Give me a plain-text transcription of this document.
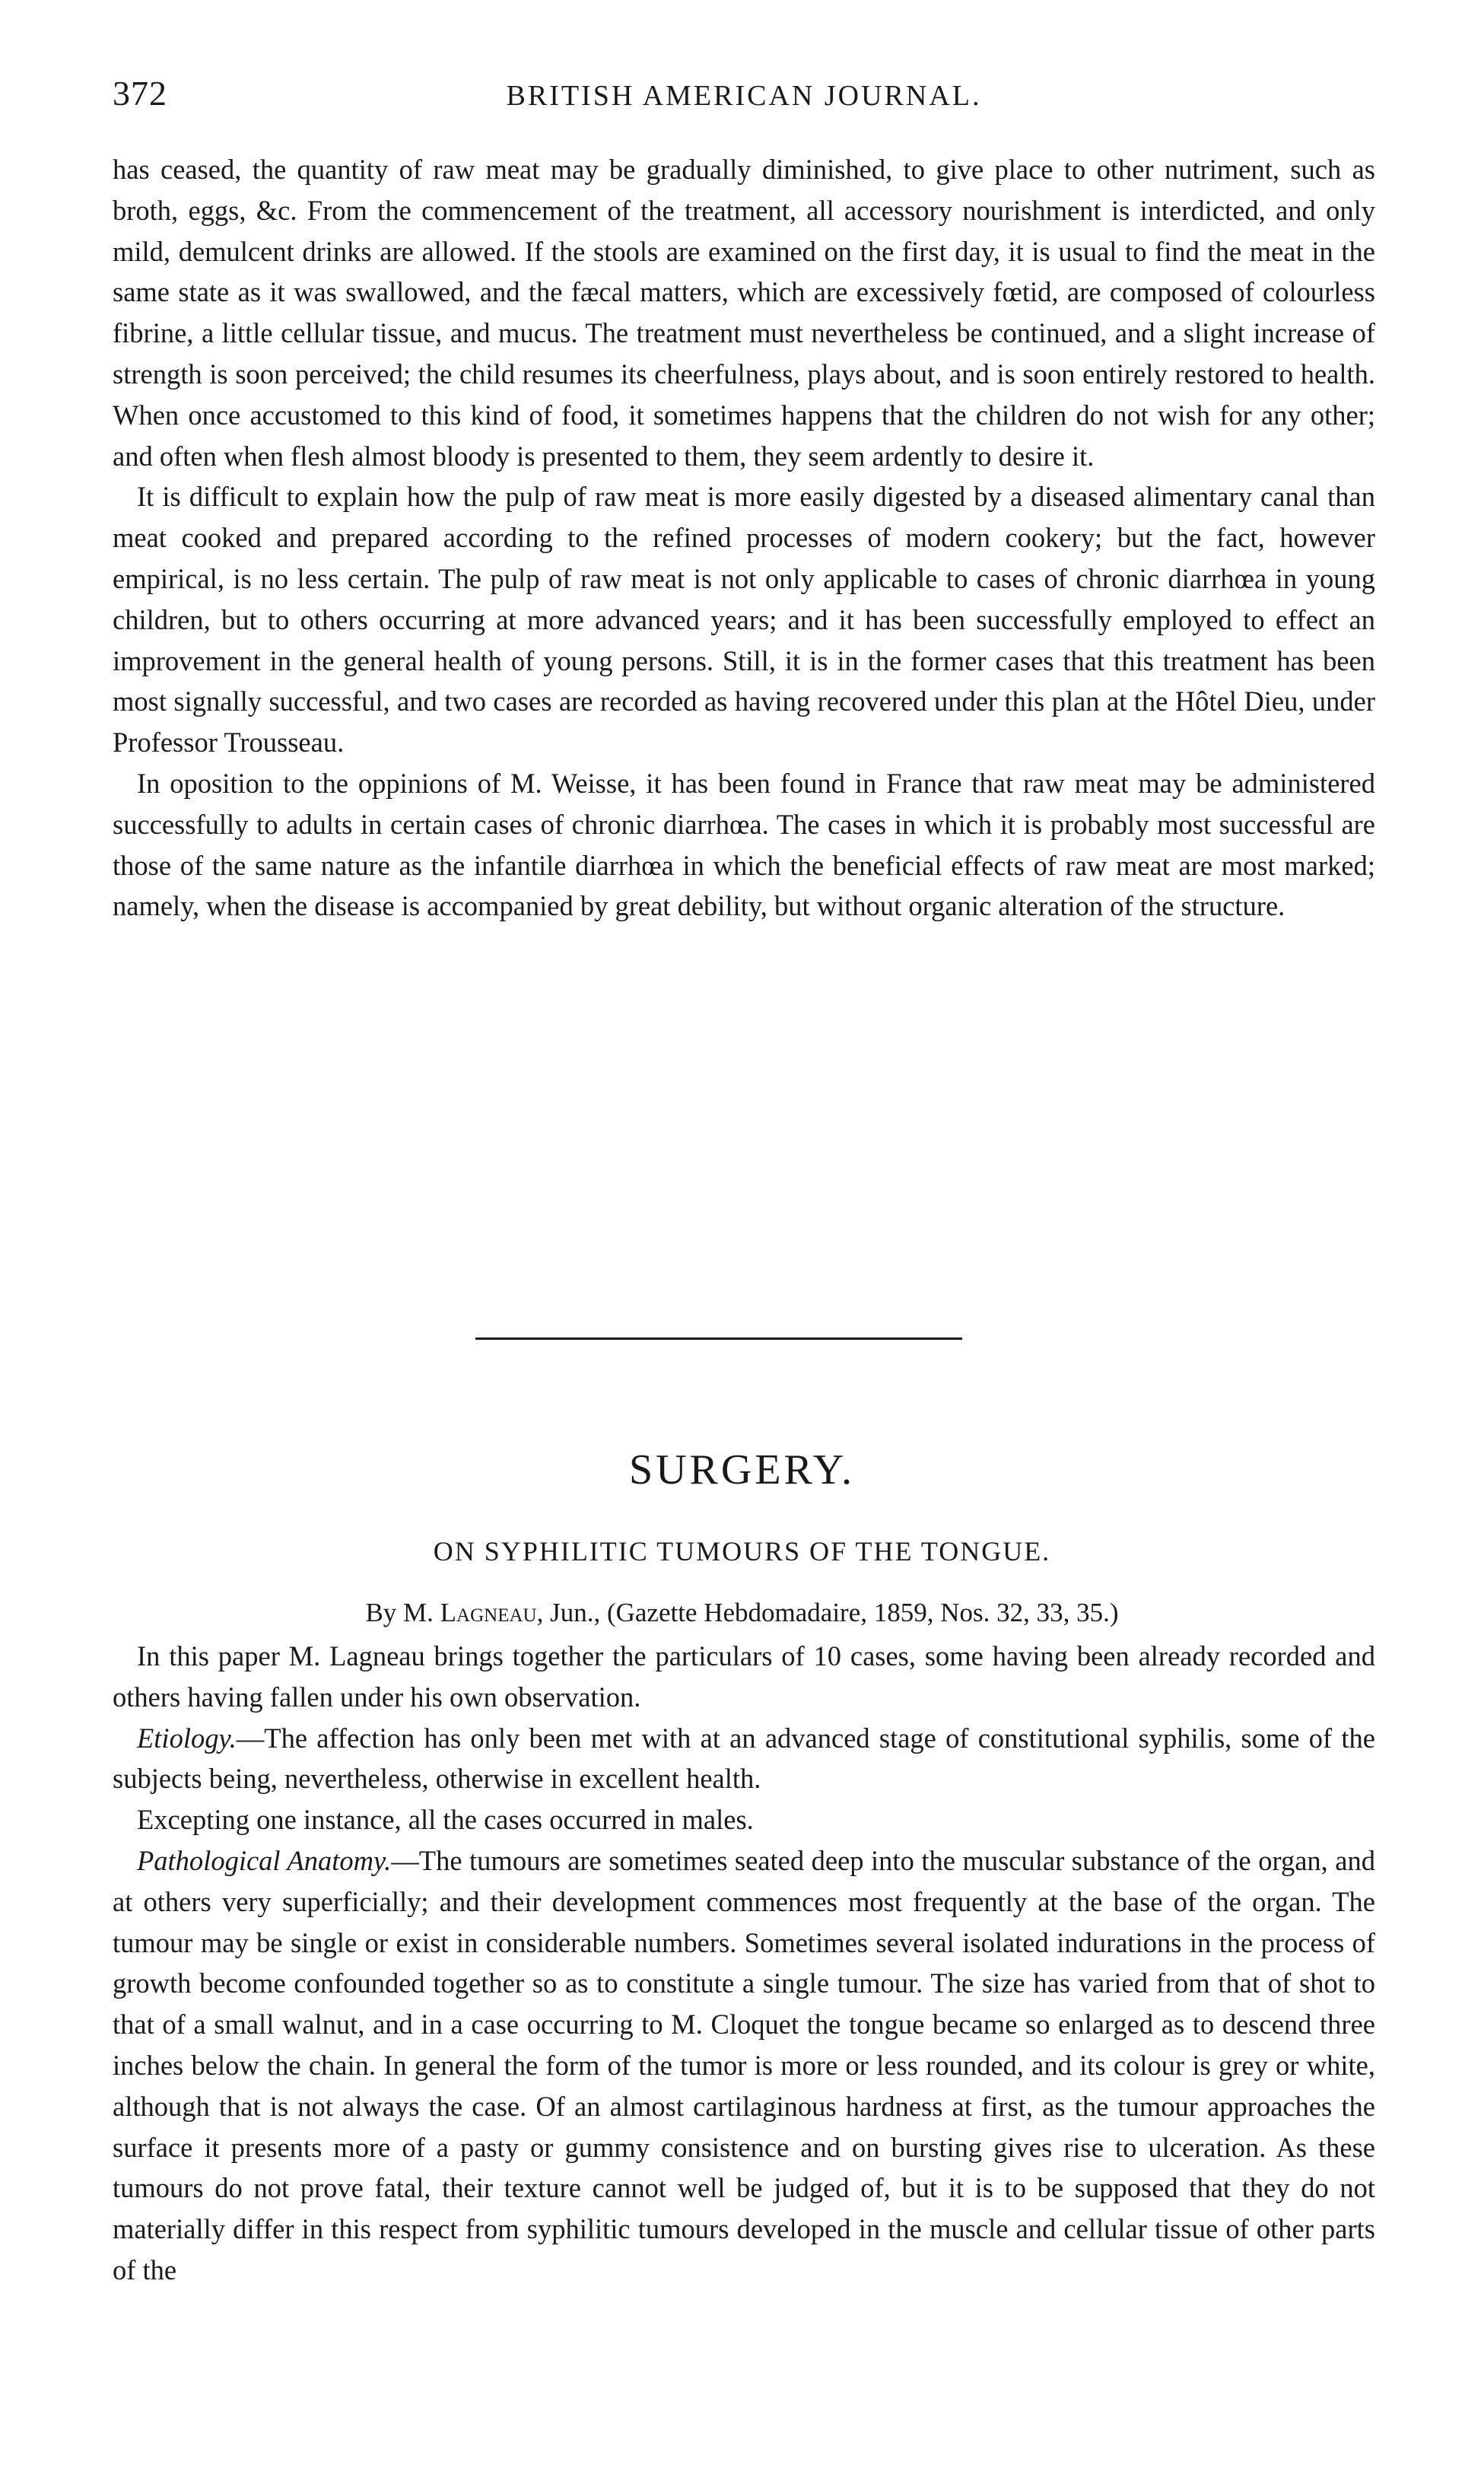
372	BRITISH AMERICAN JOURNAL.

has ceased, the quantity of raw meat may be gradually diminished, to give place to other nutriment, such as broth, eggs, &c. From the commencement of the treatment, all accessory nourishment is interdicted, and only mild, demulcent drinks are allowed. If the stools are examined on the first day, it is usual to find the meat in the same state as it was swallowed, and the fæcal matters, which are excessively fœtid, are composed of colourless fibrine, a little cellular tissue, and mucus. The treatment must nevertheless be continued, and a slight increase of strength is soon perceived; the child resumes its cheerfulness, plays about, and is soon entirely restored to health. When once accustomed to this kind of food, it sometimes happens that the children do not wish for any other; and often when flesh almost bloody is presented to them, they seem ardently to desire it.

It is difficult to explain how the pulp of raw meat is more easily digested by a diseased alimentary canal than meat cooked and prepared according to the refined processes of modern cookery; but the fact, however empirical, is no less certain. The pulp of raw meat is not only applicable to cases of chronic diarrhœa in young children, but to others occurring at more advanced years; and it has been successfully employed to effect an improvement in the general health of young persons. Still, it is in the former cases that this treatment has been most signally successful, and two cases are recorded as having recovered under this plan at the Hôtel Dieu, under Professor Trousseau.

In oposition to the oppinions of M. Weisse, it has been found in France that raw meat may be administered successfully to adults in certain cases of chronic diarrhœa. The cases in which it is probably most successful are those of the same nature as the infantile diarrhœa in which the beneficial effects of raw meat are most marked; namely, when the disease is accompanied by great debility, but without organic alteration of the structure.

SURGERY.
ON SYPHILITIC TUMOURS OF THE TONGUE.
By M. Lagneau, Jun., (Gazette Hebdomadaire, 1859, Nos. 32, 33, 35.)

In this paper M. Lagneau brings together the particulars of 10 cases, some having been already recorded and others having fallen under his own observation.

Etiology.—The affection has only been met with at an advanced stage of constitutional syphilis, some of the subjects being, nevertheless, otherwise in excellent health.

Excepting one instance, all the cases occurred in males.

Pathological Anatomy.—The tumours are sometimes seated deep into the muscular substance of the organ, and at others very superficially; and their development commences most frequently at the base of the organ. The tumour may be single or exist in considerable numbers. Sometimes several isolated indurations in the process of growth become confounded together so as to constitute a single tumour. The size has varied from that of shot to that of a small walnut, and in a case occurring to M. Cloquet the tongue became so enlarged as to descend three inches below the chain. In general the form of the tumor is more or less rounded, and its colour is grey or white, although that is not always the case. Of an almost cartilaginous hardness at first, as the tumour approaches the surface it presents more of a pasty or gummy consistence and on bursting gives rise to ulceration. As these tumours do not prove fatal, their texture cannot well be judged of, but it is to be supposed that they do not materially differ in this respect from syphilitic tumours developed in the muscle and cellular tissue of other parts of the
